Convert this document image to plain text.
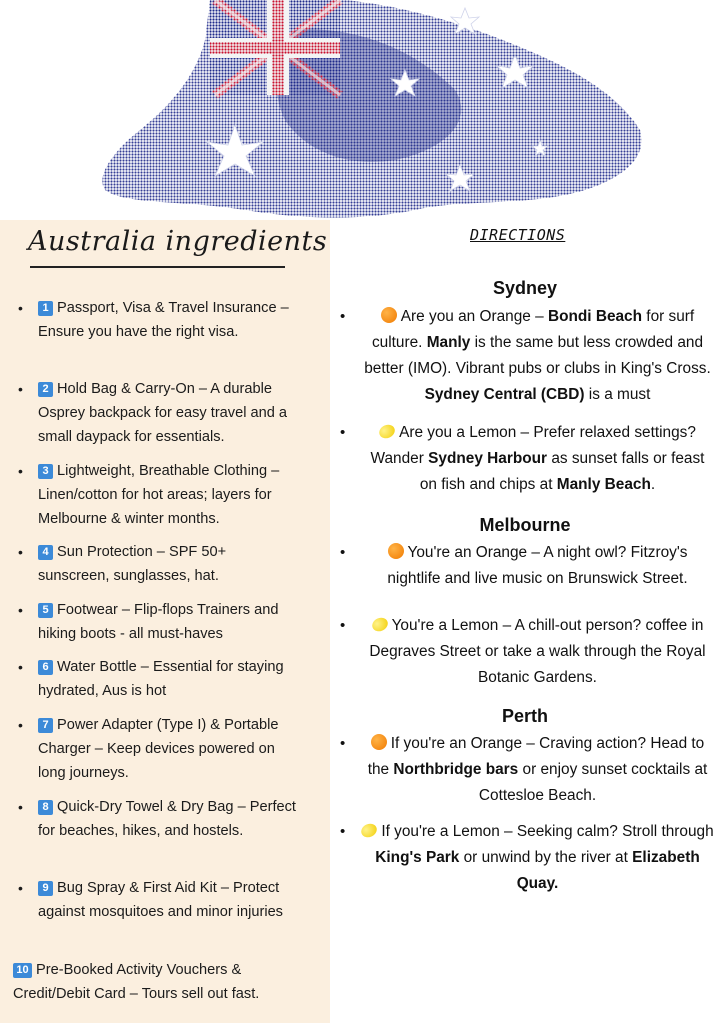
Australia ingredients
• 1 Passport, Visa & Travel Insurance – Ensure you have the right visa.
• 2 Hold Bag & Carry-On – A durable Osprey backpack for easy travel and a small daypack for essentials.
• 3 Lightweight, Breathable Clothing – Linen/cotton for hot areas; layers for Melbourne & winter months.
• 4 Sun Protection – SPF 50+ sunscreen, sunglasses, hat.
• 5 Footwear – Flip-flops Trainers and hiking boots - all must-haves
• 6 Water Bottle – Essential for staying hydrated, Aus is hot
• 7 Power Adapter (Type I) & Portable Charger – Keep devices powered on long journeys.
• 8 Quick-Dry Towel & Dry Bag – Perfect for beaches, hikes, and hostels.
• 9 Bug Spray & First Aid Kit – Protect against mosquitoes and minor injuries
10 Pre-Booked Activity Vouchers & Credit/Debit Card – Tours sell out fast.
DIRECTIONS
Sydney
•	Are you an Orange – Bondi Beach for surf culture. Manly is the same but less crowded and better (IMO). Vibrant pubs or clubs in King's Cross. Sydney Central (CBD) is a must
•	Are you a Lemon – Prefer relaxed settings? Wander Sydney Harbour as sunset falls or feast on fish and chips at Manly Beach.
Melbourne
•	You're an Orange – A night owl? Fitzroy's nightlife and live music on Brunswick Street.
•	You're a Lemon – A chill-out person? coffee in Degraves Street or take a walk through the Royal Botanic Gardens.
Perth
•	If you're an Orange – Craving action? Head to the Northbridge bars or enjoy sunset cocktails at Cottesloe Beach.
•	If you're a Lemon – Seeking calm? Stroll through King's Park or unwind by the river at Elizabeth Quay.
